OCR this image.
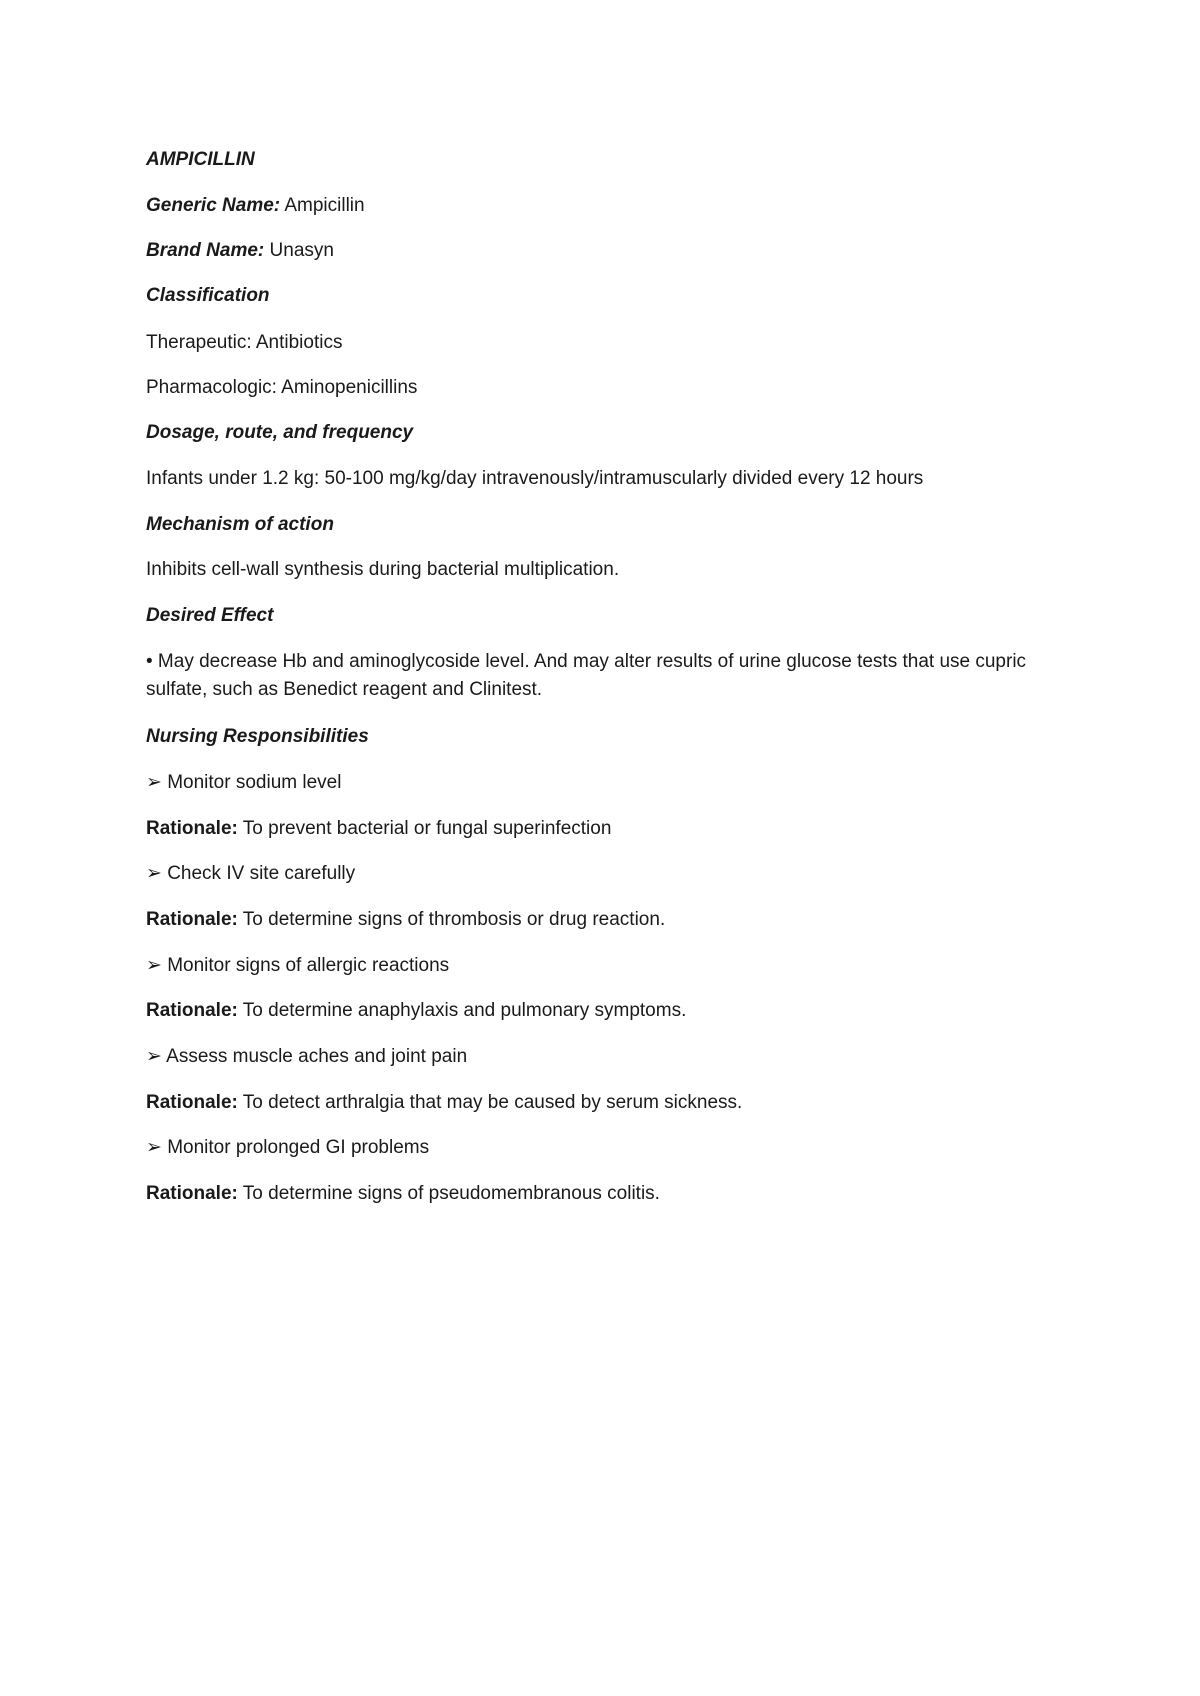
AMPICILLIN

Generic Name: Ampicillin

Brand Name: Unasyn

Classification

Therapeutic: Antibiotics

Pharmacologic: Aminopenicillins

Dosage, route, and frequency

Infants under 1.2 kg: 50-100 mg/kg/day intravenously/intramuscularly divided every 12 hours

Mechanism of action

Inhibits cell-wall synthesis during bacterial multiplication.

Desired Effect

• May decrease Hb and aminoglycoside level. And may alter results of urine glucose tests that use cupric sulfate, such as Benedict reagent and Clinitest.

Nursing Responsibilities

➢ Monitor sodium level

Rationale: To prevent bacterial or fungal superinfection

➢ Check IV site carefully

Rationale: To determine signs of thrombosis or drug reaction.

➢ Monitor signs of allergic reactions

Rationale: To determine anaphylaxis and pulmonary symptoms.

➢ Assess muscle aches and joint pain

Rationale: To detect arthralgia that may be caused by serum sickness.

➢ Monitor prolonged GI problems

Rationale: To determine signs of pseudomembranous colitis.
